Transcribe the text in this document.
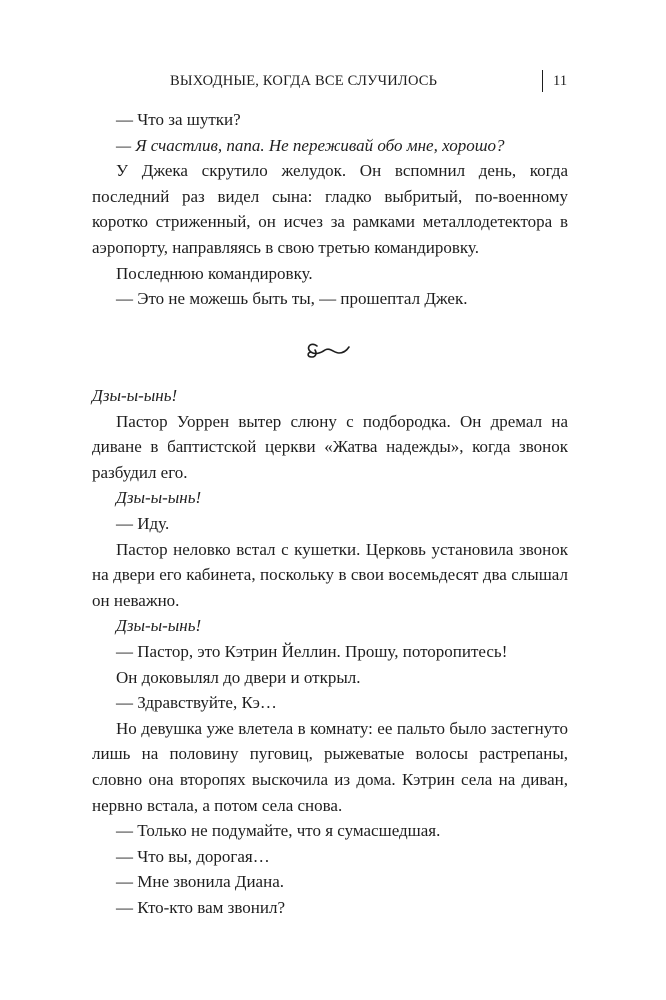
ВЫХОДНЫЕ, КОГДА ВСЕ СЛУЧИЛОСЬ	11

— Что за шутки?

— Я счастлив, папа. Не переживай обо мне, хорошо?

У Джека скрутило желудок. Он вспомнил день, когда последний раз видел сына: гладко выбритый, по-военному коротко стриженный, он исчез за рамками металлодетектора в аэропорту, направляясь в свою третью командировку.

Последнюю командировку.

— Это не можешь быть ты, — прошептал Джек.

Дзы-ы-ынь!

Пастор Уоррен вытер слюну с подбородка. Он дремал на диване в баптистской церкви «Жатва надежды», когда звонок разбудил его.

Дзы-ы-ынь!

— Иду.

Пастор неловко встал с кушетки. Церковь установила звонок на двери его кабинета, поскольку в свои восемьдесят два слышал он неважно.

Дзы-ы-ынь!

— Пастор, это Кэтрин Йеллин. Прошу, поторопитесь!

Он доковылял до двери и открыл.

— Здравствуйте, Кэ…

Но девушка уже влетела в комнату: ее пальто было застегнуто лишь на половину пуговиц, рыжеватые волосы растрепаны, словно она второпях выскочила из дома. Кэтрин села на диван, нервно встала, а потом села снова.

— Только не подумайте, что я сумасшедшая.

— Что вы, дорогая…

— Мне звонила Диана.

— Кто-кто вам звонил?
